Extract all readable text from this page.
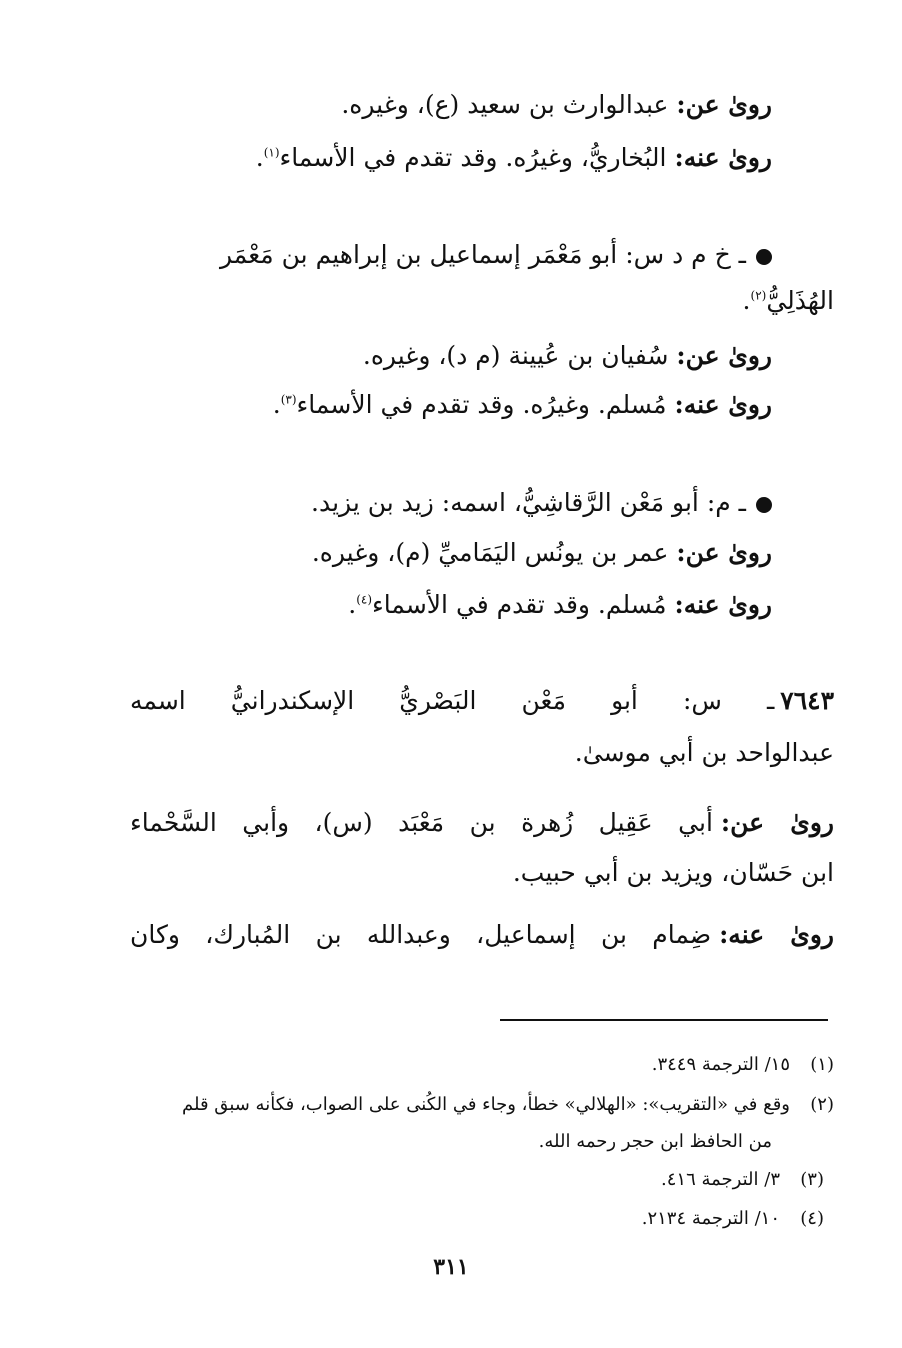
روىٰ عن:عبدالوارث بن سعيد (ع)، وغيره.
روىٰ عنه:البُخاريُّ، وغيرُه. وقد تقدم في الأسماء$^{(١)}$.
ـ خ م د س: أبو مَعْمَر إسماعيل بن إبراهيم بن مَعْمَر
الهُذَلِيُّ$^{(٢)}$.
روىٰ عن:سُفيان بن عُيينة (م د)، وغيره.
روىٰ عنه:مُسلم. وغيرُه. وقد تقدم في الأسماء$^{(٣)}$.
ـ م: أبو مَعْن الرَّقاشِيُّ، اسمه: زيد بن يزيد.
روىٰ عن:عمر بن يونُس اليَمَاميِّ (م)، وغيره.
روىٰ عنه:مُسلم. وقد تقدم في الأسماء$^{(٤)}$.
٧٦٤٣ـ س: أبو مَعْن البَصْريُّ الإسكندرانيُّ اسمه
عبدالواحد بن أبي موسىٰ.
روىٰ عن:أبي عَقِيل زُهرة بن مَعْبَد (س)، وأبي السَّحْماء
ابن حَسّان، ويزيد بن أبي حبيب.
روىٰ عنه:ضِمام بن إسماعيل، وعبدالله بن المُبارك، وكان
(١)١٥/ الترجمة ٣٤٤٩.
(٢)وقع في «التقريب»: «الهلالي» خطأ، وجاء في الكُنى على الصواب، فكأنه سبق قلم
من الحافظ ابن حجر رحمه الله.
(٣)٣/ الترجمة ٤١٦.
(٤)١٠/ الترجمة ٢١٣٤.
٣١١
